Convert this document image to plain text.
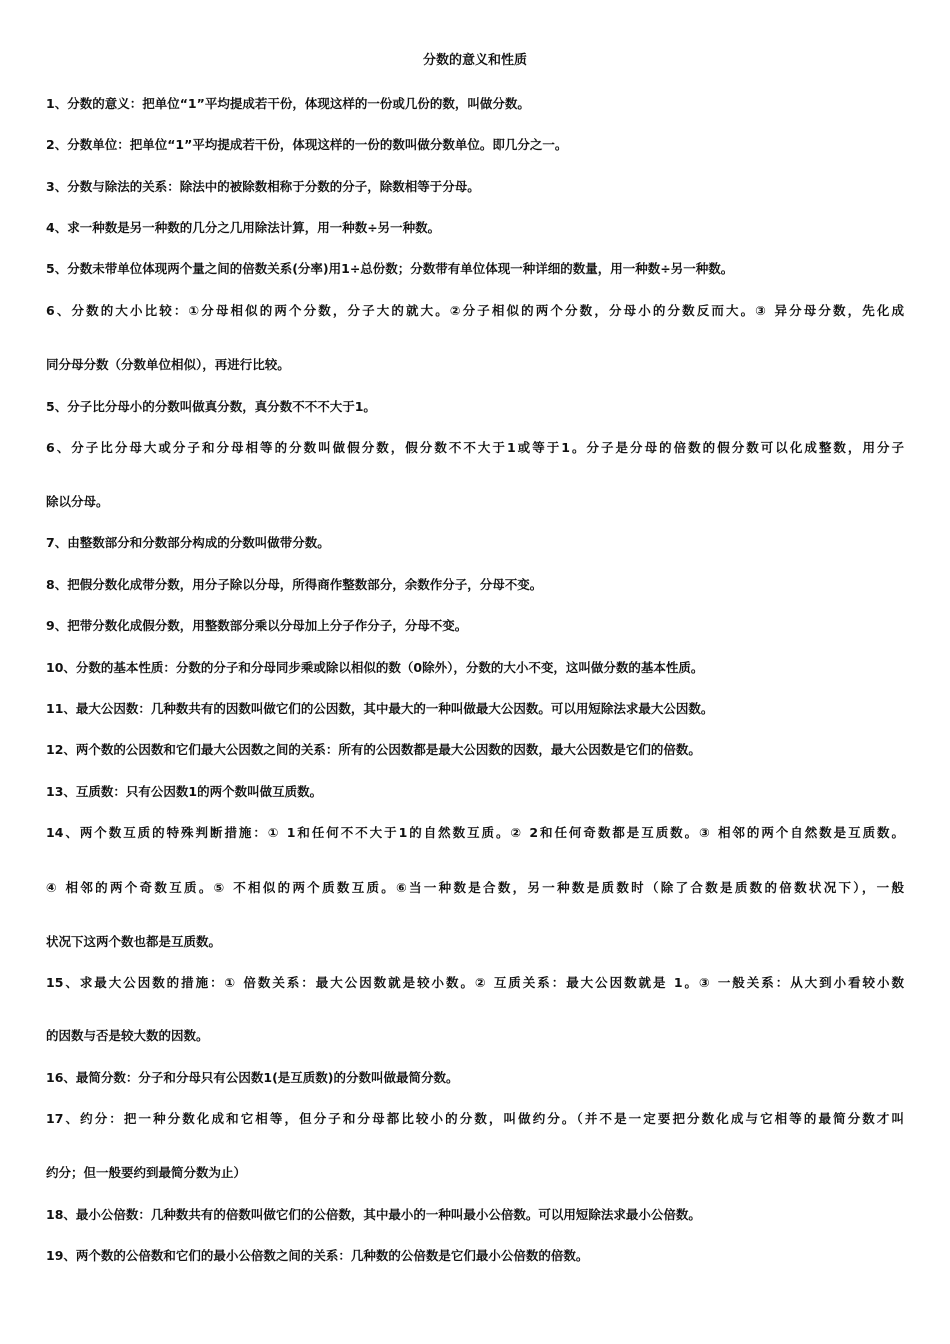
分数的意义和性质
1、分数的意义：把单位“1”平均提成若干份，体现这样的一份或几份的数，叫做分数。
2、分数单位：把单位“1”平均提成若干份，体现这样的一份的数叫做分数单位。即几分之一。
3、分数与除法的关系：除法中的被除数相称于分数的分子，除数相等于分母。
4、求一种数是另一种数的几分之几用除法计算，用一种数÷另一种数。
5、分数未带单位体现两个量之间的倍数关系(分率)用1÷总份数；分数带有单位体现一种详细的数量，用一种数÷另一种数。
6、分数的大小比较：①分母相似的两个分数，分子大的就大。②分子相似的两个分数，分母小的分数反而大。③ 异分母分数，先化成
同分母分数（分数单位相似），再进行比较。
5、分子比分母小的分数叫做真分数，真分数不不不大于1。
6、分子比分母大或分子和分母相等的分数叫做假分数，假分数不不大于1或等于1。分子是分母的倍数的假分数可以化成整数，用分子
除以分母。
7、由整数部分和分数部分构成的分数叫做带分数。
8、把假分数化成带分数，用分子除以分母，所得商作整数部分，余数作分子，分母不变。
9、把带分数化成假分数，用整数部分乘以分母加上分子作分子，分母不变。
10、分数的基本性质：分数的分子和分母同步乘或除以相似的数（0除外），分数的大小不变，这叫做分数的基本性质。
11、最大公因数：几种数共有的因数叫做它们的公因数，其中最大的一种叫做最大公因数。可以用短除法求最大公因数。
12、两个数的公因数和它们最大公因数之间的关系：所有的公因数都是最大公因数的因数，最大公因数是它们的倍数。
13、互质数：只有公因数1的两个数叫做互质数。
14、两个数互质的特殊判断措施：① 1和任何不不大于1的自然数互质。② 2和任何奇数都是互质数。③ 相邻的两个自然数是互质数。
④ 相邻的两个奇数互质。⑤ 不相似的两个质数互质。⑥当一种数是合数，另一种数是质数时（除了合数是质数的倍数状况下），一般
状况下这两个数也都是互质数。
15、求最大公因数的措施：① 倍数关系：最大公因数就是较小数。② 互质关系：最大公因数就是 1。③ 一般关系：从大到小看较小数
的因数与否是较大数的因数。
16、最简分数：分子和分母只有公因数1(是互质数)的分数叫做最简分数。
17、约分：把一种分数化成和它相等，但分子和分母都比较小的分数，叫做约分。（并不是一定要把分数化成与它相等的最简分数才叫
约分；但一般要约到最简分数为止）
18、最小公倍数：几种数共有的倍数叫做它们的公倍数，其中最小的一种叫最小公倍数。可以用短除法求最小公倍数。
19、两个数的公倍数和它们的最小公倍数之间的关系：几种数的公倍数是它们最小公倍数的倍数。
